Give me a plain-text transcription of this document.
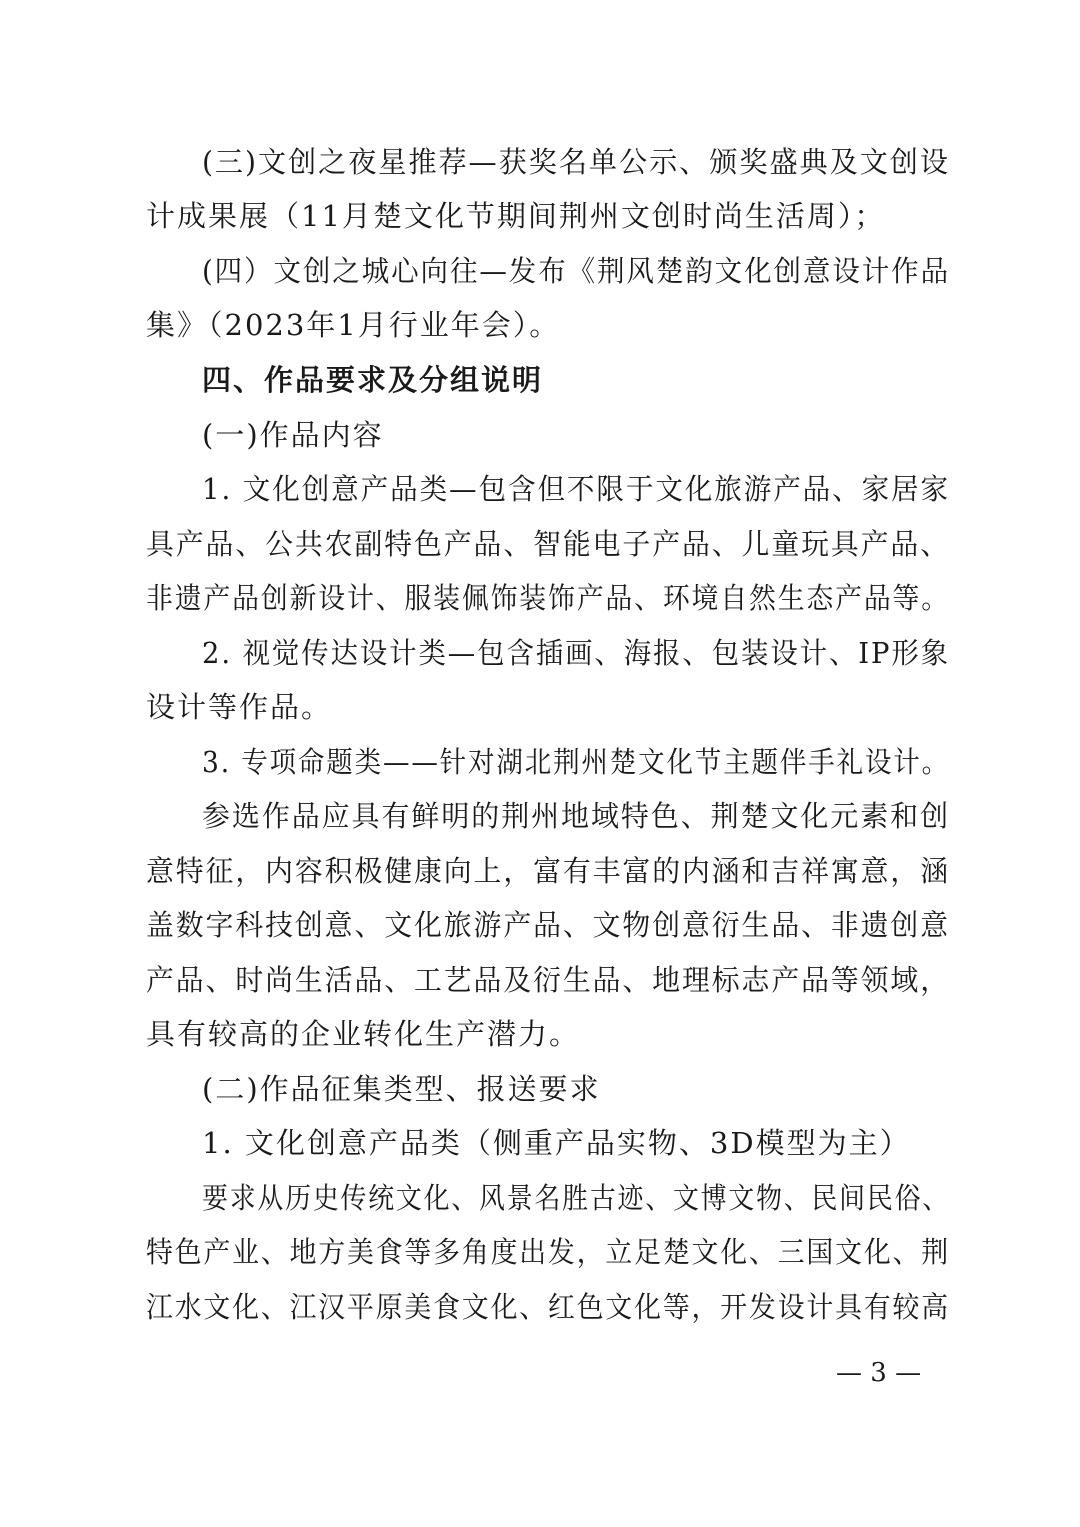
(三)文创之夜星推荐—获奖名单公示、颁奖盛典及文创设
计成果展（11月楚文化节期间荆州文创时尚生活周）；
(四）文创之城心向往—发布《荆风楚韵文化创意设计作品
集》（2023年1月行业年会）。
四、作品要求及分组说明
(一)作品内容
1. 文化创意产品类—包含但不限于文化旅游产品、家居家
具产品、公共农副特色产品、智能电子产品、儿童玩具产品、
非遗产品创新设计、服装佩饰装饰产品、环境自然生态产品等。
2. 视觉传达设计类—包含插画、海报、包装设计、IP形象
设计等作品。
3. 专项命题类——针对湖北荆州楚文化节主题伴手礼设计。
参选作品应具有鲜明的荆州地域特色、荆楚文化元素和创
意特征，内容积极健康向上，富有丰富的内涵和吉祥寓意，涵
盖数字科技创意、文化旅游产品、文物创意衍生品、非遗创意
产品、时尚生活品、工艺品及衍生品、地理标志产品等领域，
具有较高的企业转化生产潜力。
(二)作品征集类型、报送要求
1. 文化创意产品类（侧重产品实物、3D模型为主）
要求从历史传统文化、风景名胜古迹、文博文物、民间民俗、
特色产业、地方美食等多角度出发，立足楚文化、三国文化、荆
江水文化、江汉平原美食文化、红色文化等，开发设计具有较高
— 3 —
